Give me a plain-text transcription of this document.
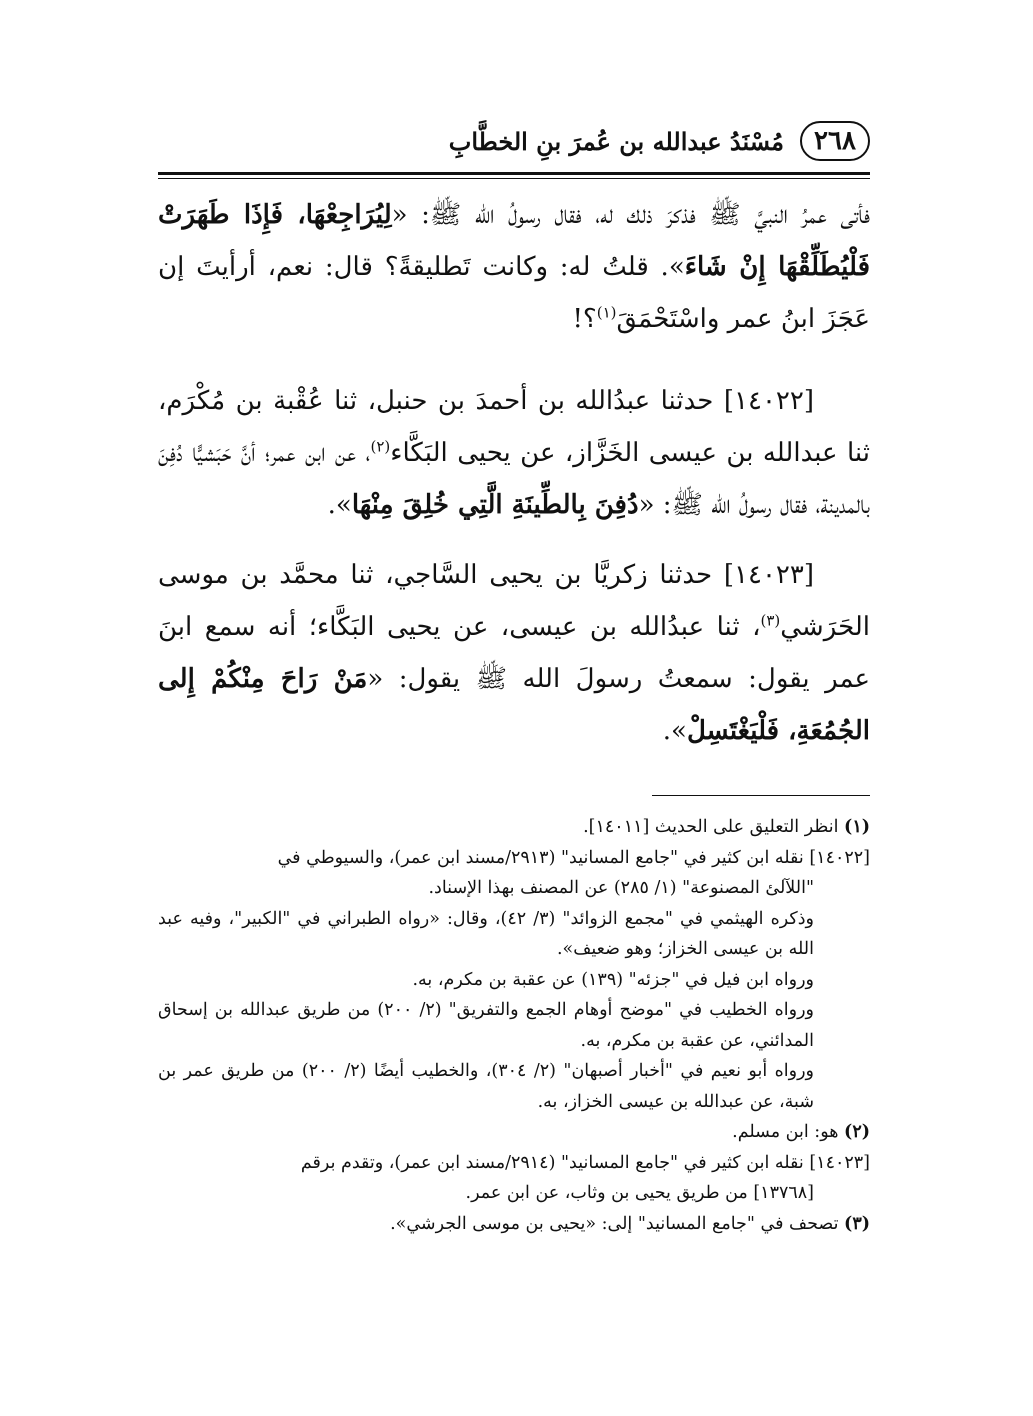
٢٦٨
مُسْنَدُ عبدالله بن عُمرَ بنِ الخطَّابِ

فأتى عمرُ النبيَّ ﷺ فذكرَ ذلك له، فقال رسولُ الله ﷺ: «لِيُرَاجِعْهَا، فَإِذَا طَهَرَتْ فَلْيُطَلِّقْهَا إِنْ شَاءَ». قلتُ له: وكانت تَطليقةً؟ قال: نعم، أرأيتَ إن عَجَزَ ابنُ عمر واسْتَحْمَقَ$^{(١)}$؟!

[١٤٠٢٢] حدثنا عبدُالله بن أحمدَ بن حنبل، ثنا عُقْبة بن مُكْرَم، ثنا عبدالله بن عيسى الخَزَّاز، عن يحيى البَكَّاء$^{(٢)}$، عن ابن عمر؛ أنَّ حَبَشيًّا دُفِنَ بالمدينة، فقال رسولُ الله ﷺ: «دُفِنَ بِالطِّينَةِ الَّتِي خُلِقَ مِنْهَا».

[١٤٠٢٣] حدثنا زكريَّا بن يحيى السَّاجي، ثنا محمَّد بن موسى الحَرَشي$^{(٣)}$، ثنا عبدُالله بن عيسى، عن يحيى البَكَّاء؛ أنه سمع ابنَ عمر يقول: سمعتُ رسولَ الله ﷺ يقول: «مَنْ رَاحَ مِنْكُمْ إِلى الجُمُعَةِ، فَلْيَغْتَسِلْ».

(١) انظر التعليق على الحديث [١٤٠١١].

[١٤٠٢٢] نقله ابن كثير في "جامع المسانيد" (٢٩١٣/مسند ابن عمر)، والسيوطي في

"اللآلئ المصنوعة" (١/ ٢٨٥) عن المصنف بهذا الإسناد.

وذكره الهيثمي في "مجمع الزوائد" (٣/ ٤٢)، وقال: «رواه الطبراني في "الكبير"، وفيه عبد الله بن عيسى الخزاز؛ وهو ضعيف».

ورواه ابن فيل في "جزئه" (١٣٩) عن عقبة بن مكرم، به.

ورواه الخطيب في "موضح أوهام الجمع والتفريق" (٢/ ٢٠٠) من طريق عبدالله بن إسحاق المدائني، عن عقبة بن مكرم، به.

ورواه أبو نعيم في "أخبار أصبهان" (٢/ ٣٠٤)، والخطيب أيضًا (٢/ ٢٠٠) من طريق عمر بن شبة، عن عبدالله بن عيسى الخزاز، به.

(٢) هو: ابن مسلم.

[١٤٠٢٣] نقله ابن كثير في "جامع المسانيد" (٢٩١٤/مسند ابن عمر)، وتقدم برقم

[١٣٧٦٨] من طريق يحيى بن وثاب، عن ابن عمر.

(٣) تصحف في "جامع المسانيد" إلى: «يحيى بن موسى الجرشي».
